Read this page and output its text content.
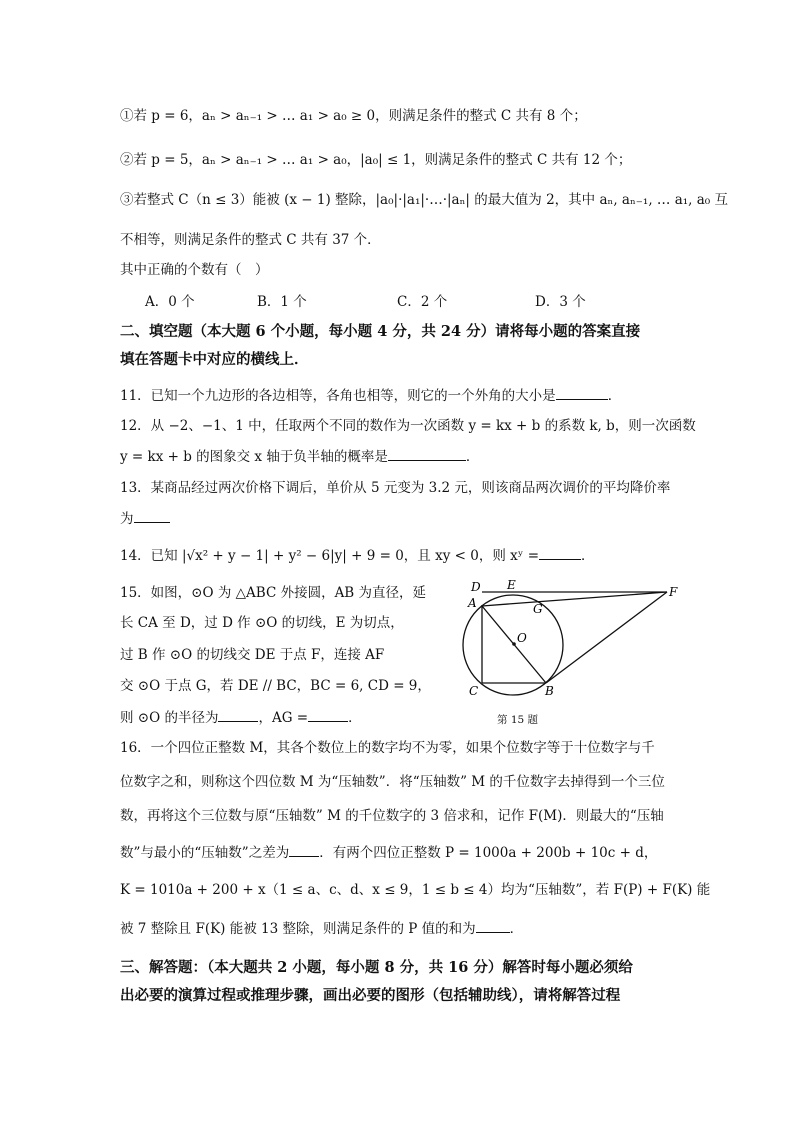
①若 p = 6，aₙ > aₙ₋₁ > … a₁ > a₀ ≥ 0，则满足条件的整式 C 共有 8 个；
②若 p = 5，aₙ > aₙ₋₁ > … a₁ > a₀，|a₀| ≤ 1，则满足条件的整式 C 共有 12 个；
③若整式 C（n ≤ 3）能被 (x − 1) 整除，|a₀|·|a₁|·…·|aₙ| 的最大值为 2，其中 aₙ, aₙ₋₁, … a₁, a₀ 互
不相等，则满足条件的整式 C 共有 37 个．
其中正确的个数有（　）
A．0 个	B．1 个	C．2 个	D．3 个
二、填空题（本大题 6 个小题，每小题 4 分，共 24 分）请将每小题的答案直接
填在答题卡中对应的横线上．
11．已知一个九边形的各边相等，各角也相等，则它的一个外角的大小是	．
12．从 −2、−1、1 中，任取两个不同的数作为一次函数 y = kx + b 的系数 k, b，则一次函数
y = kx + b 的图象交 x 轴于负半轴的概率是	．
13．某商品经过两次价格下调后，单价从 5 元变为 3.2 元，则该商品两次调价的平均降价率
为
14．已知 |√x² + y − 1| + y² − 6|y| + 9 = 0，且 xy < 0，则 xʸ =	．
15．如图，⊙O 为 △ABC 外接圆，AB 为直径，延
长 CA 至 D，过 D 作 ⊙O 的切线，E 为切点，
过 B 作 ⊙O 的切线交 DE 于点 F，连接 AF
交 ⊙O 于点 G，若 DE // BC，BC = 6, CD = 9，
则 ⊙O 的半径为	，AG =	．
D E	F
A	G
O
C	B
第 15 题
16．一个四位正整数 M，其各个数位上的数字均不为零，如果个位数字等于十位数字与千
位数字之和，则称这个四位数 M 为“压轴数”．将“压轴数” M 的千位数字去掉得到一个三位
数，再将这个三位数与原“压轴数” M 的千位数字的 3 倍求和，记作 F(M)．则最大的“压轴
数”与最小的“压轴数”之差为 ．有两个四位正整数 P = 1000a + 200b + 10c + d，
K = 1010a + 200 + x（1 ≤ a、c、d、x ≤ 9，1 ≤ b ≤ 4）均为“压轴数”，若 F(P) + F(K) 能
被 7 整除且 F(K) 能被 13 整除，则满足条件的 P 值的和为	．
三、解答题：（本大题共 2 小题，每小题 8 分，共 16 分）解答时每小题必须给
出必要的演算过程或推理步骤，画出必要的图形（包括辅助线），请将解答过程
